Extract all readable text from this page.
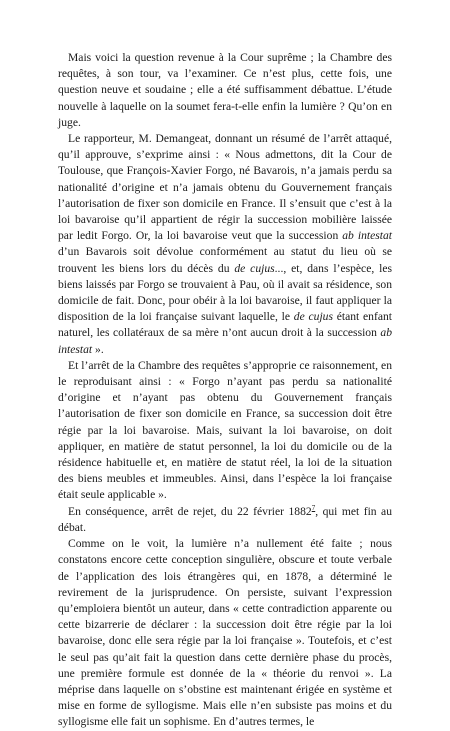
Mais voici la question revenue à la Cour suprême ; la Chambre des requêtes, à son tour, va l’examiner. Ce n’est plus, cette fois, une question neuve et soudaine ; elle a été suffisamment débattue. L’étude nouvelle à laquelle on la soumet fera-t-elle enfin la lumière ? Qu’on en juge.

Le rapporteur, M. Demangeat, donnant un résumé de l’arrêt attaqué, qu’il approuve, s’exprime ainsi : « Nous admettons, dit la Cour de Toulouse, que François-Xavier Forgo, né Bavarois, n’a jamais perdu sa nationalité d’origine et n’a jamais obtenu du Gouvernement français l’autorisation de fixer son domicile en France. Il s’ensuit que c’est à la loi bavaroise qu’il appartient de régir la succession mobilière laissée par ledit Forgo. Or, la loi bavaroise veut que la succession ab intestat d’un Bavarois soit dévolue conformément au statut du lieu où se trouvent les biens lors du décès du de cujus..., et, dans l’espèce, les biens laissés par Forgo se trouvaient à Pau, où il avait sa résidence, son domicile de fait. Donc, pour obéir à la loi bavaroise, il faut appliquer la disposition de la loi française suivant laquelle, le de cujus étant enfant naturel, les collatéraux de sa mère n’ont aucun droit à la succession ab intestat ».

Et l’arrêt de la Chambre des requêtes s’approprie ce raisonnement, en le reproduisant ainsi : « Forgo n’ayant pas perdu sa nationalité d’origine et n’ayant pas obtenu du Gouvernement français l’autorisation de fixer son domicile en France, sa succession doit être régie par la loi bavaroise. Mais, suivant la loi bavaroise, on doit appliquer, en matière de statut personnel, la loi du domicile ou de la résidence habituelle et, en matière de statut réel, la loi de la situation des biens meubles et immeubles. Ainsi, dans l’espèce la loi française était seule applicable ».

En conséquence, arrêt de rejet, du 22 février 1882$^7$, qui met fin au débat.

Comme on le voit, la lumière n’a nullement été faite ; nous constatons encore cette conception singulière, obscure et toute verbale de l’application des lois étrangères qui, en 1878, a déterminé le revirement de la jurisprudence. On persiste, suivant l’expression qu’emploiera bientôt un auteur, dans « cette contradiction apparente ou cette bizarrerie de déclarer : la succession doit être régie par la loi bavaroise, donc elle sera régie par la loi française ». Toutefois, et c’est le seul pas qu’ait fait la question dans cette dernière phase du procès, une première formule est donnée de la « théorie du renvoi ». La méprise dans laquelle on s’obstine est maintenant érigée en système et mise en forme de syllogisme. Mais elle n’en subsiste pas moins et du syllogisme elle fait un sophisme. En d’autres termes, le
